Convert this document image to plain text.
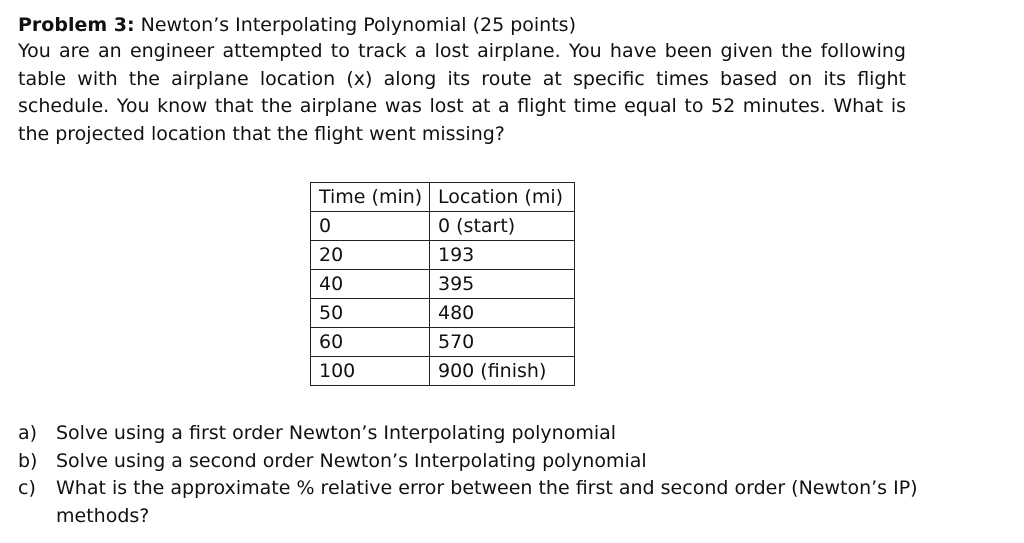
Problem 3: Newton’s Interpolating Polynomial (25 points)
You are an engineer attempted to track a lost airplane. You have been given the following table with the airplane location (x) along its route at specific times based on its flight schedule. You know that the airplane was lost at a flight time equal to 52 minutes. What is the projected location that the flight went missing?
Time (min)	Location (mi)
0	0 (start)
20	193
40	395
50	480
60	570
100	900 (finish)
a) Solve using a first order Newton’s Interpolating polynomial
b) Solve using a second order Newton’s Interpolating polynomial
c) What is the approximate % relative error between the first and second order (Newton’s IP) methods?
